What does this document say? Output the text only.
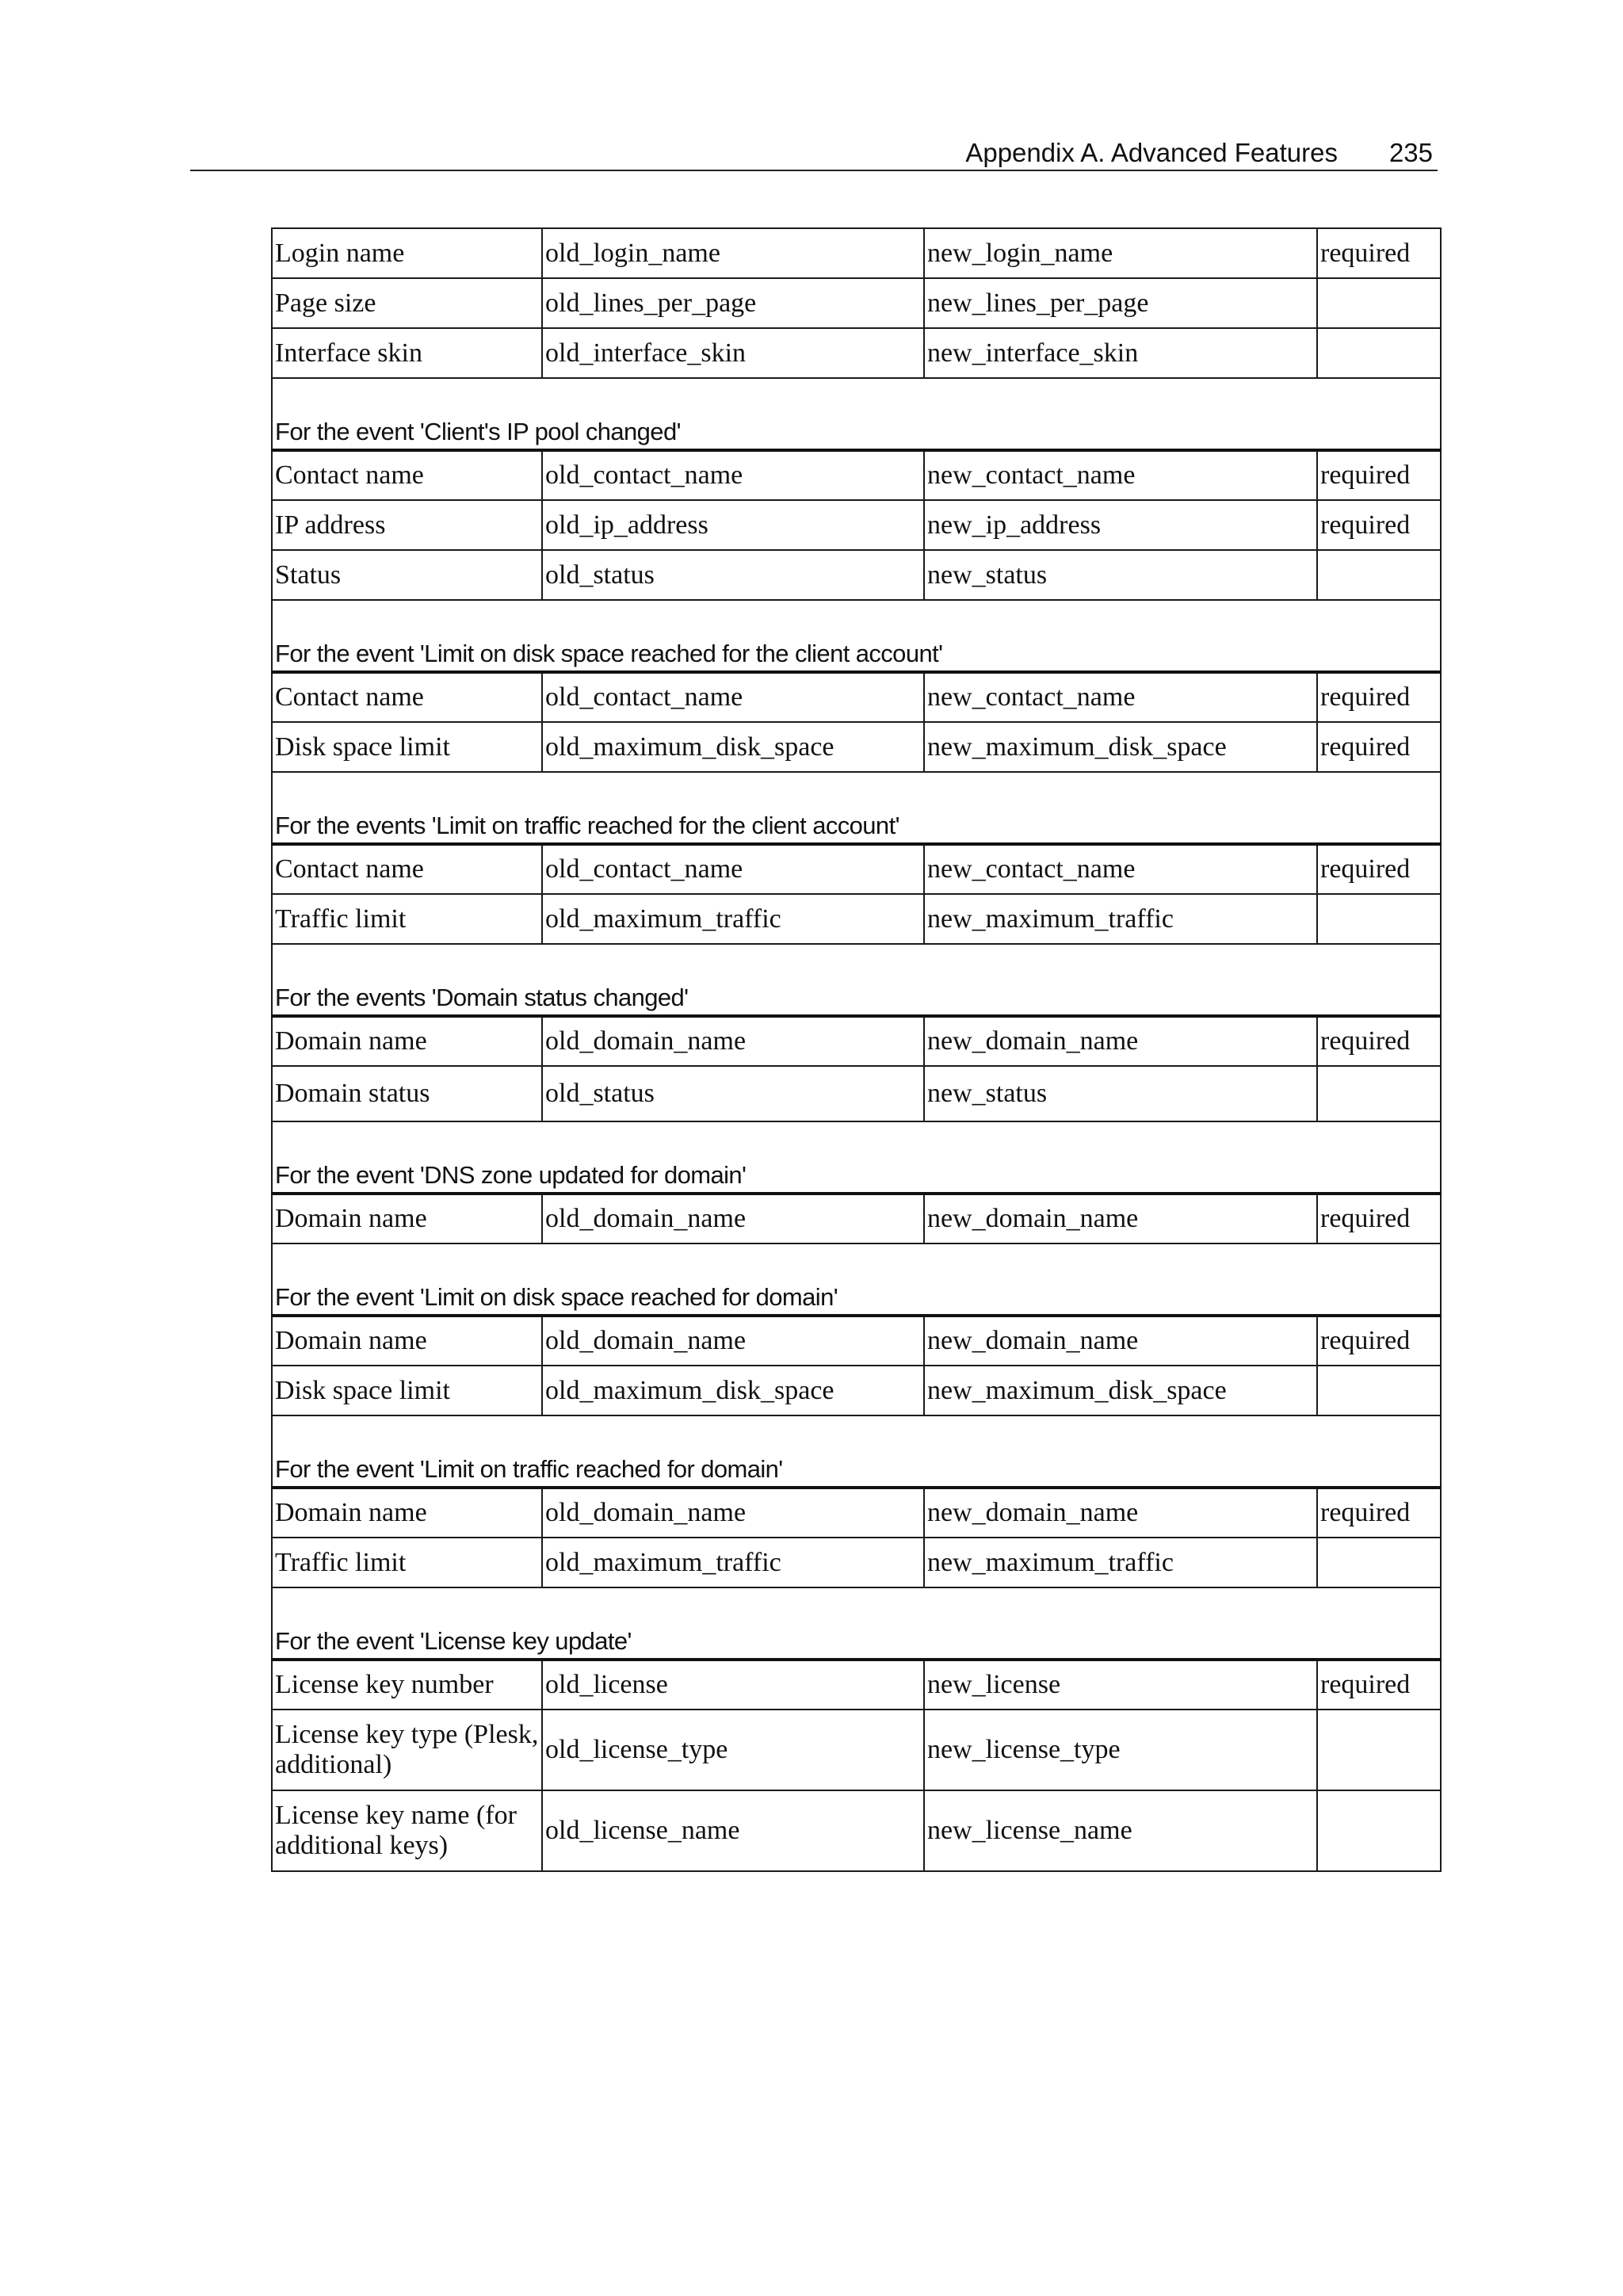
Appendix A. Advanced Features 235
Login name	old_login_name	new_login_name	required
Page size	old_lines_per_page	new_lines_per_page	
Interface skin	old_interface_skin	new_interface_skin	
For the event 'Client's IP pool changed'			
Contact name	old_contact_name	new_contact_name	required
IP address	old_ip_address	new_ip_address	required
Status	old_status	new_status	
For the event 'Limit on disk space reached for the client account'			
Contact name	old_contact_name	new_contact_name	required
Disk space limit	old_maximum_disk_space	new_maximum_disk_space	required
For the events 'Limit on traffic reached for the client account'			
Contact name	old_contact_name	new_contact_name	required
Traffic limit	old_maximum_traffic	new_maximum_traffic	
For the events 'Domain status changed'			
Domain name	old_domain_name	new_domain_name	required
Domain status	old_status	new_status	
For the event 'DNS zone updated for domain'			
Domain name	old_domain_name	new_domain_name	required
For the event 'Limit on disk space reached for domain'			
Domain name	old_domain_name	new_domain_name	required
Disk space limit	old_maximum_disk_space	new_maximum_disk_space	
For the event 'Limit on traffic reached for domain'			
Domain name	old_domain_name	new_domain_name	required
Traffic limit	old_maximum_traffic	new_maximum_traffic	
For the event 'License key update'			
License key number	old_license	new_license	required
License key type (Plesk, additional)	old_license_type	new_license_type	
License key name (for additional keys)	old_license_name	new_license_name	
